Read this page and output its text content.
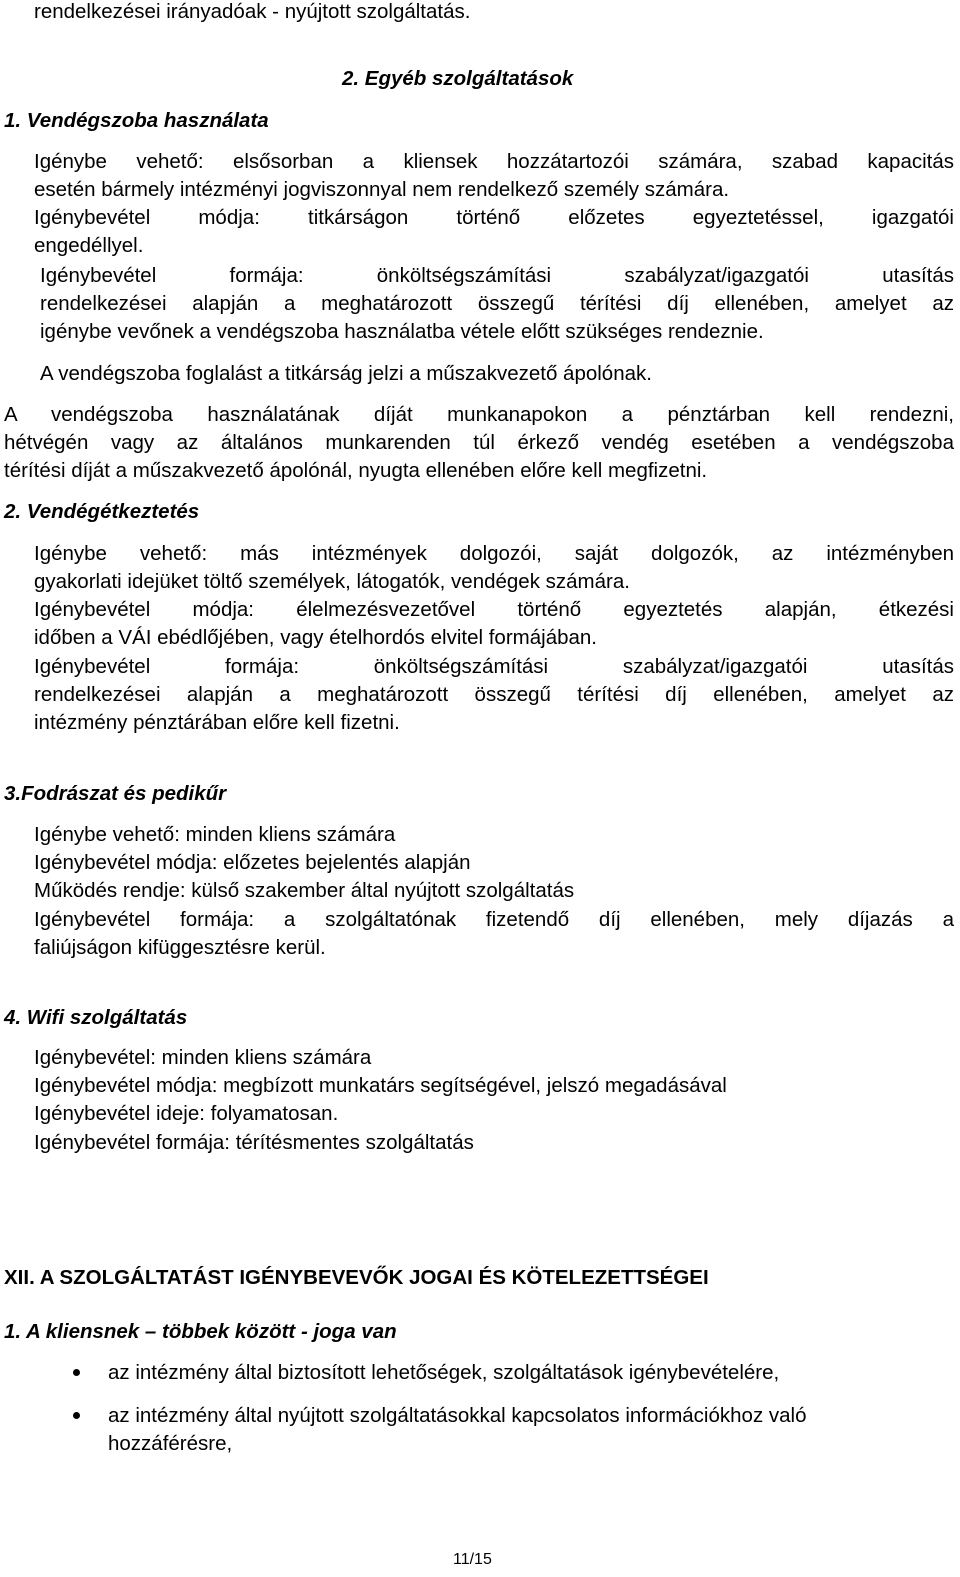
rendelkezései irányadóak - nyújtott szolgáltatás.
2. Egyéb szolgáltatások
1. Vendégszoba használata
Igénybe vehető: elsősorban a kliensek hozzátartozói számára, szabad kapacitás
esetén bármely intézményi jogviszonnyal nem rendelkező személy számára.
Igénybevétel módja: titkárságon történő előzetes egyeztetéssel, igazgatói
engedéllyel.
Igénybevétel formája: önköltségszámítási szabályzat/igazgatói utasítás
rendelkezései alapján a meghatározott összegű térítési díj ellenében, amelyet az
igénybe vevőnek a vendégszoba használatba vétele előtt szükséges rendeznie.
A vendégszoba foglalást a titkárság jelzi a műszakvezető ápolónak.
A vendégszoba használatának díját munkanapokon a pénztárban kell rendezni,
hétvégén vagy az általános munkarenden túl érkező vendég esetében a vendégszoba
térítési díját a műszakvezető ápolónál, nyugta ellenében előre kell megfizetni.
2. Vendégétkeztetés
Igénybe vehető: más intézmények dolgozói, saját dolgozók, az intézményben
gyakorlati idejüket töltő személyek, látogatók, vendégek számára.
Igénybevétel módja: élelmezésvezetővel történő egyeztetés alapján, étkezési
időben a VÁI ebédlőjében, vagy ételhordós elvitel formájában.
Igénybevétel formája: önköltségszámítási szabályzat/igazgatói utasítás
rendelkezései alapján a meghatározott összegű térítési díj ellenében, amelyet az
intézmény pénztárában előre kell fizetni.
3.Fodrászat és pedikűr
Igénybe vehető: minden kliens számára
Igénybevétel módja: előzetes bejelentés alapján
Működés rendje: külső szakember által nyújtott szolgáltatás
Igénybevétel formája: a szolgáltatónak fizetendő díj ellenében, mely díjazás a
faliújságon kifüggesztésre kerül.
4. Wifi szolgáltatás
Igénybevétel: minden kliens számára
Igénybevétel módja: megbízott munkatárs segítségével, jelszó megadásával
Igénybevétel ideje: folyamatosan.
Igénybevétel formája: térítésmentes szolgáltatás
XII. A SZOLGÁLTATÁST IGÉNYBEVEVŐK JOGAI ÉS KÖTELEZETTSÉGEI
1. A kliensnek – többek között - joga van
az intézmény által biztosított lehetőségek, szolgáltatások igénybevételére,
az intézmény által nyújtott szolgáltatásokkal kapcsolatos információkhoz való
hozzáférésre,
11/15
